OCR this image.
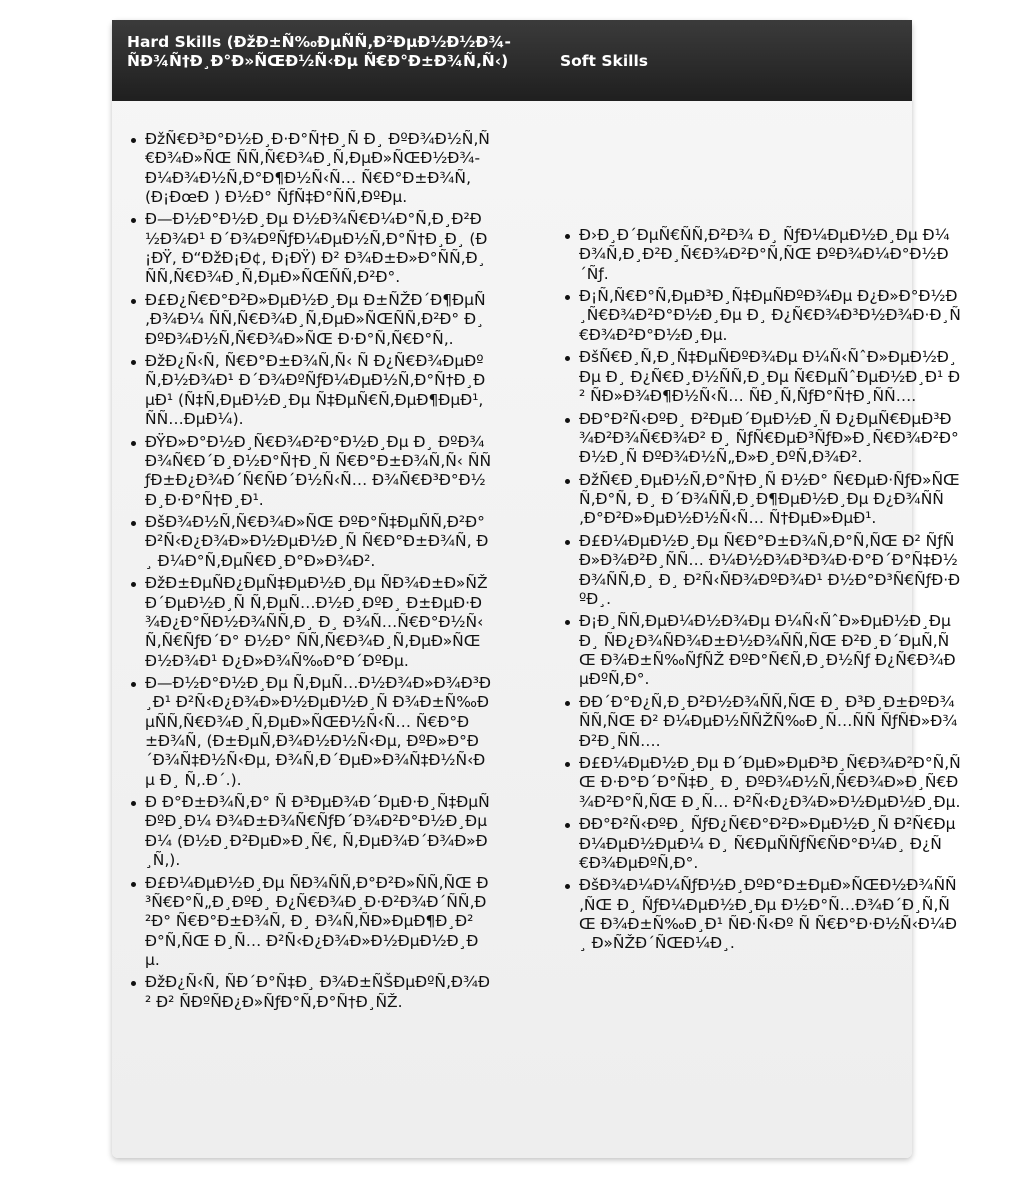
Hard Skills (ÐžÐ±Ñ‰ÐµÑÑ‚Ð²ÐµÐ½Ð½Ð¾-ÑÐ¾Ñ†Ð¸Ð°Ð»ÑŒÐ½Ñ‹Ðµ Ñ€Ð°Ð±Ð¾Ñ‚Ñ‹)	Soft Skills
ÐžÑ€Ð³Ð°Ð½Ð¸Ð·Ð°Ñ†Ð¸Ñ Ð¸ ÐºÐ¾Ð½Ñ‚Ñ€Ð¾Ð»ÑŒ ÑÑ‚Ñ€Ð¾Ð¸Ñ‚ÐµÐ»ÑŒÐ½Ð¾-Ð¼Ð¾Ð½Ñ‚Ð°Ð¶Ð½Ñ‹Ñ… Ñ€Ð°Ð±Ð¾Ñ‚ (Ð¡ÐœÐ ) Ð½Ð° ÑƒÑ‡Ð°ÑÑ‚ÐºÐµ.
Ð—Ð½Ð°Ð½Ð¸Ðµ Ð½Ð¾Ñ€Ð¼Ð°Ñ‚Ð¸Ð²Ð½Ð¾Ð¹ Ð´Ð¾ÐºÑƒÐ¼ÐµÐ½Ñ‚Ð°Ñ†Ð¸Ð¸ (Ð¡ÐŸ, Ð“ÐžÐ¡Ð¢, Ð¡ÐŸ) Ð² Ð¾Ð±Ð»Ð°ÑÑ‚Ð¸ ÑÑ‚Ñ€Ð¾Ð¸Ñ‚ÐµÐ»ÑŒÑÑ‚Ð²Ð°.
Ð£Ð¿Ñ€Ð°Ð²Ð»ÐµÐ½Ð¸Ðµ Ð±ÑŽÐ´Ð¶ÐµÑ‚Ð¾Ð¼ ÑÑ‚Ñ€Ð¾Ð¸Ñ‚ÐµÐ»ÑŒÑÑ‚Ð²Ð° Ð¸ ÐºÐ¾Ð½Ñ‚Ñ€Ð¾Ð»ÑŒ Ð·Ð°Ñ‚Ñ€Ð°Ñ‚.
ÐžÐ¿Ñ‹Ñ‚ Ñ€Ð°Ð±Ð¾Ñ‚Ñ‹ Ñ Ð¿Ñ€Ð¾ÐµÐºÑ‚Ð½Ð¾Ð¹ Ð´Ð¾ÐºÑƒÐ¼ÐµÐ½Ñ‚Ð°Ñ†Ð¸ÐµÐ¹ (Ñ‡Ñ‚ÐµÐ½Ð¸Ðµ Ñ‡ÐµÑ€Ñ‚ÐµÐ¶ÐµÐ¹, ÑÑ…ÐµÐ¼).
ÐŸÐ»Ð°Ð½Ð¸Ñ€Ð¾Ð²Ð°Ð½Ð¸Ðµ Ð¸ ÐºÐ¾Ð¾Ñ€Ð´Ð¸Ð½Ð°Ñ†Ð¸Ñ Ñ€Ð°Ð±Ð¾Ñ‚Ñ‹ ÑÑƒÐ±Ð¿Ð¾Ð´Ñ€ÑÐ´Ð½Ñ‹Ñ… Ð¾Ñ€Ð³Ð°Ð½Ð¸Ð·Ð°Ñ†Ð¸Ð¹.
ÐšÐ¾Ð½Ñ‚Ñ€Ð¾Ð»ÑŒ ÐºÐ°Ñ‡ÐµÑÑ‚Ð²Ð° Ð²Ñ‹Ð¿Ð¾Ð»Ð½ÐµÐ½Ð¸Ñ Ñ€Ð°Ð±Ð¾Ñ‚ Ð¸ Ð¼Ð°Ñ‚ÐµÑ€Ð¸Ð°Ð»Ð¾Ð².
ÐžÐ±ÐµÑÐ¿ÐµÑ‡ÐµÐ½Ð¸Ðµ ÑÐ¾Ð±Ð»ÑŽÐ´ÐµÐ½Ð¸Ñ Ñ‚ÐµÑ…Ð½Ð¸ÐºÐ¸ Ð±ÐµÐ·Ð¾Ð¿Ð°ÑÐ½Ð¾ÑÑ‚Ð¸ Ð¸ Ð¾Ñ…Ñ€Ð°Ð½Ñ‹ Ñ‚Ñ€ÑƒÐ´Ð° Ð½Ð° ÑÑ‚Ñ€Ð¾Ð¸Ñ‚ÐµÐ»ÑŒÐ½Ð¾Ð¹ Ð¿Ð»Ð¾Ñ‰Ð°Ð´ÐºÐµ.
Ð—Ð½Ð°Ð½Ð¸Ðµ Ñ‚ÐµÑ…Ð½Ð¾Ð»Ð¾Ð³Ð¸Ð¹ Ð²Ñ‹Ð¿Ð¾Ð»Ð½ÐµÐ½Ð¸Ñ Ð¾Ð±Ñ‰ÐµÑÑ‚Ñ€Ð¾Ð¸Ñ‚ÐµÐ»ÑŒÐ½Ñ‹Ñ… Ñ€Ð°Ð±Ð¾Ñ‚ (Ð±ÐµÑ‚Ð¾Ð½Ð½Ñ‹Ðµ, ÐºÐ»Ð°Ð´Ð¾Ñ‡Ð½Ñ‹Ðµ, Ð¾Ñ‚Ð´ÐµÐ»Ð¾Ñ‡Ð½Ñ‹Ðµ Ð¸ Ñ‚.Ð´.).
Ð Ð°Ð±Ð¾Ñ‚Ð° Ñ Ð³ÐµÐ¾Ð´ÐµÐ·Ð¸Ñ‡ÐµÑÐºÐ¸Ð¼ Ð¾Ð±Ð¾Ñ€ÑƒÐ´Ð¾Ð²Ð°Ð½Ð¸ÐµÐ¼ (Ð½Ð¸Ð²ÐµÐ»Ð¸Ñ€, Ñ‚ÐµÐ¾Ð´Ð¾Ð»Ð¸Ñ‚).
Ð£Ð¼ÐµÐ½Ð¸Ðµ ÑÐ¾ÑÑ‚Ð°Ð²Ð»ÑÑ‚ÑŒ Ð³Ñ€Ð°Ñ„Ð¸ÐºÐ¸ Ð¿Ñ€Ð¾Ð¸Ð·Ð²Ð¾Ð´ÑÑ‚Ð²Ð° Ñ€Ð°Ð±Ð¾Ñ‚ Ð¸ Ð¾Ñ‚ÑÐ»ÐµÐ¶Ð¸Ð²Ð°Ñ‚ÑŒ Ð¸Ñ… Ð²Ñ‹Ð¿Ð¾Ð»Ð½ÐµÐ½Ð¸Ðµ.
ÐžÐ¿Ñ‹Ñ‚ ÑÐ´Ð°Ñ‡Ð¸ Ð¾Ð±ÑŠÐµÐºÑ‚Ð¾Ð² Ð² ÑÐºÑÐ¿Ð»ÑƒÐ°Ñ‚Ð°Ñ†Ð¸ÑŽ.
Ð›Ð¸Ð´ÐµÑ€ÑÑ‚Ð²Ð¾ Ð¸ ÑƒÐ¼ÐµÐ½Ð¸Ðµ Ð¼Ð¾Ñ‚Ð¸Ð²Ð¸Ñ€Ð¾Ð²Ð°Ñ‚ÑŒ ÐºÐ¾Ð¼Ð°Ð½Ð´Ñƒ.
Ð¡Ñ‚Ñ€Ð°Ñ‚ÐµÐ³Ð¸Ñ‡ÐµÑÐºÐ¾Ðµ Ð¿Ð»Ð°Ð½Ð¸Ñ€Ð¾Ð²Ð°Ð½Ð¸Ðµ Ð¸ Ð¿Ñ€Ð¾Ð³Ð½Ð¾Ð·Ð¸Ñ€Ð¾Ð²Ð°Ð½Ð¸Ðµ.
ÐšÑ€Ð¸Ñ‚Ð¸Ñ‡ÐµÑÐºÐ¾Ðµ Ð¼Ñ‹ÑˆÐ»ÐµÐ½Ð¸Ðµ Ð¸ Ð¿Ñ€Ð¸Ð½ÑÑ‚Ð¸Ðµ Ñ€ÐµÑˆÐµÐ½Ð¸Ð¹ Ð² ÑÐ»Ð¾Ð¶Ð½Ñ‹Ñ… ÑÐ¸Ñ‚ÑƒÐ°Ñ†Ð¸ÑÑ….
ÐÐ°Ð²Ñ‹ÐºÐ¸ Ð²ÐµÐ´ÐµÐ½Ð¸Ñ Ð¿ÐµÑ€ÐµÐ³Ð¾Ð²Ð¾Ñ€Ð¾Ð² Ð¸ ÑƒÑ€ÐµÐ³ÑƒÐ»Ð¸Ñ€Ð¾Ð²Ð°Ð½Ð¸Ñ ÐºÐ¾Ð½Ñ„Ð»Ð¸ÐºÑ‚Ð¾Ð².
ÐžÑ€Ð¸ÐµÐ½Ñ‚Ð°Ñ†Ð¸Ñ Ð½Ð° Ñ€ÐµÐ·ÑƒÐ»ÑŒÑ‚Ð°Ñ‚ Ð¸ Ð´Ð¾ÑÑ‚Ð¸Ð¶ÐµÐ½Ð¸Ðµ Ð¿Ð¾ÑÑ‚Ð°Ð²Ð»ÐµÐ½Ð½Ñ‹Ñ… Ñ†ÐµÐ»ÐµÐ¹.
Ð£Ð¼ÐµÐ½Ð¸Ðµ Ñ€Ð°Ð±Ð¾Ñ‚Ð°Ñ‚ÑŒ Ð² ÑƒÑÐ»Ð¾Ð²Ð¸ÑÑ… Ð¼Ð½Ð¾Ð³Ð¾Ð·Ð°Ð´Ð°Ñ‡Ð½Ð¾ÑÑ‚Ð¸ Ð¸ Ð²Ñ‹ÑÐ¾ÐºÐ¾Ð¹ Ð½Ð°Ð³Ñ€ÑƒÐ·ÐºÐ¸.
Ð¡Ð¸ÑÑ‚ÐµÐ¼Ð½Ð¾Ðµ Ð¼Ñ‹ÑˆÐ»ÐµÐ½Ð¸Ðµ Ð¸ ÑÐ¿Ð¾ÑÐ¾Ð±Ð½Ð¾ÑÑ‚ÑŒ Ð²Ð¸Ð´ÐµÑ‚ÑŒ Ð¾Ð±Ñ‰ÑƒÑŽ ÐºÐ°Ñ€Ñ‚Ð¸Ð½Ñƒ Ð¿Ñ€Ð¾ÐµÐºÑ‚Ð°.
ÐÐ´Ð°Ð¿Ñ‚Ð¸Ð²Ð½Ð¾ÑÑ‚ÑŒ Ð¸ Ð³Ð¸Ð±ÐºÐ¾ÑÑ‚ÑŒ Ð² Ð¼ÐµÐ½ÑÑŽÑ‰Ð¸Ñ…ÑÑ ÑƒÑÐ»Ð¾Ð²Ð¸ÑÑ….
Ð£Ð¼ÐµÐ½Ð¸Ðµ Ð´ÐµÐ»ÐµÐ³Ð¸Ñ€Ð¾Ð²Ð°Ñ‚ÑŒ Ð·Ð°Ð´Ð°Ñ‡Ð¸ Ð¸ ÐºÐ¾Ð½Ñ‚Ñ€Ð¾Ð»Ð¸Ñ€Ð¾Ð²Ð°Ñ‚ÑŒ Ð¸Ñ… Ð²Ñ‹Ð¿Ð¾Ð»Ð½ÐµÐ½Ð¸Ðµ.
ÐÐ°Ð²Ñ‹ÐºÐ¸ ÑƒÐ¿Ñ€Ð°Ð²Ð»ÐµÐ½Ð¸Ñ Ð²Ñ€ÐµÐ¼ÐµÐ½ÐµÐ¼ Ð¸ Ñ€ÐµÑÑƒÑ€ÑÐ°Ð¼Ð¸ Ð¿Ñ€Ð¾ÐµÐºÑ‚Ð°.
ÐšÐ¾Ð¼Ð¼ÑƒÐ½Ð¸ÐºÐ°Ð±ÐµÐ»ÑŒÐ½Ð¾ÑÑ‚ÑŒ Ð¸ ÑƒÐ¼ÐµÐ½Ð¸Ðµ Ð½Ð°Ñ…Ð¾Ð´Ð¸Ñ‚ÑŒ Ð¾Ð±Ñ‰Ð¸Ð¹ ÑÐ·Ñ‹Ðº Ñ Ñ€Ð°Ð·Ð½Ñ‹Ð¼Ð¸ Ð»ÑŽÐ´ÑŒÐ¼Ð¸.
